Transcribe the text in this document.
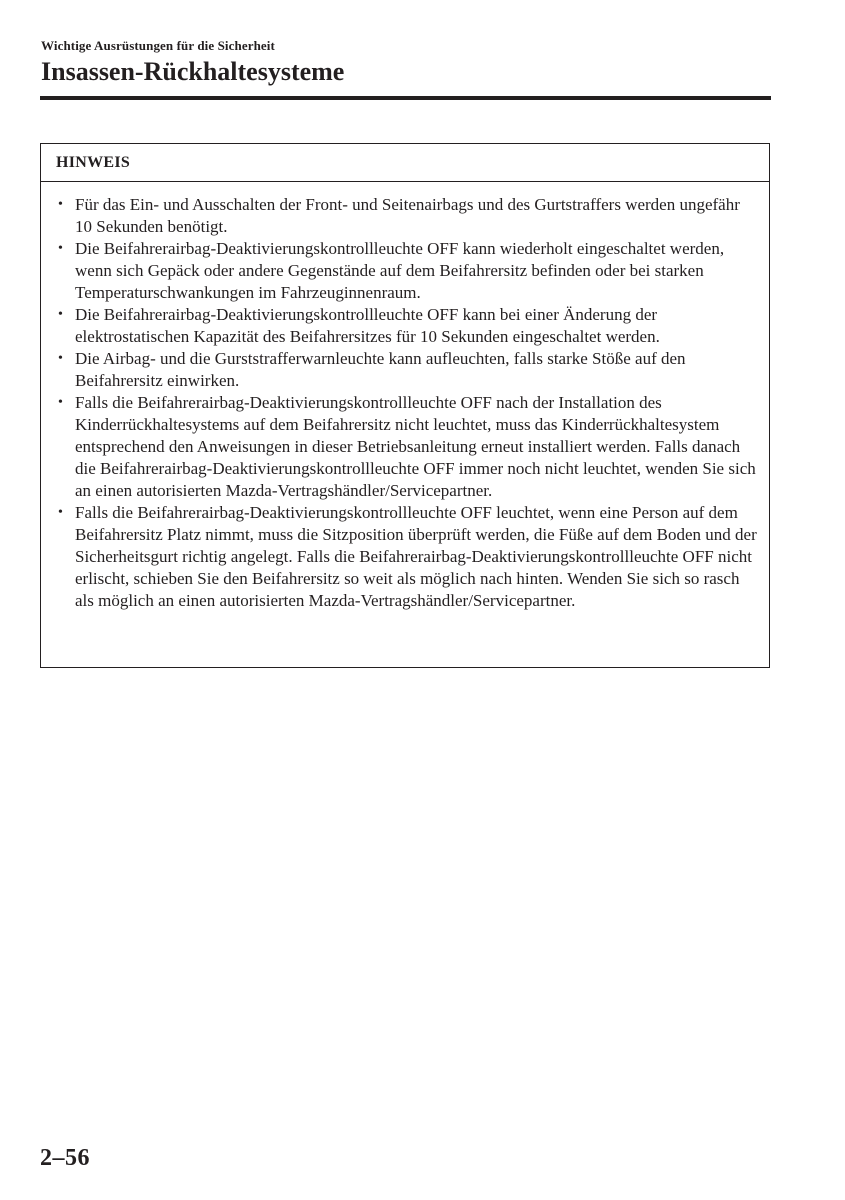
Wichtige Ausrüstungen für die Sicherheit
Insassen-Rückhaltesysteme
HINWEIS
• Für das Ein- und Ausschalten der Front- und Seitenairbags und des Gurtstraffers werden ungefähr 10 Sekunden benötigt.
• Die Beifahrerairbag-Deaktivierungskontrollleuchte OFF kann wiederholt eingeschaltet werden, wenn sich Gepäck oder andere Gegenstände auf dem Beifahrersitz befinden oder bei starken Temperaturschwankungen im Fahrzeuginnenraum.
• Die Beifahrerairbag-Deaktivierungskontrollleuchte OFF kann bei einer Änderung der elektrostatischen Kapazität des Beifahrersitzes für 10 Sekunden eingeschaltet werden.
• Die Airbag- und die Gurststrafferwarnleuchte kann aufleuchten, falls starke Stöße auf den Beifahrersitz einwirken.
• Falls die Beifahrerairbag-Deaktivierungskontrollleuchte OFF nach der Installation des Kinderrückhaltesystems auf dem Beifahrersitz nicht leuchtet, muss das Kinderrückhaltesystem entsprechend den Anweisungen in dieser Betriebsanleitung erneut installiert werden. Falls danach die Beifahrerairbag-Deaktivierungskontrollleuchte OFF immer noch nicht leuchtet, wenden Sie sich an einen autorisierten Mazda-Vertragshändler/Servicepartner.
• Falls die Beifahrerairbag-Deaktivierungskontrollleuchte OFF leuchtet, wenn eine Person auf dem Beifahrersitz Platz nimmt, muss die Sitzposition überprüft werden, die Füße auf dem Boden und der Sicherheitsgurt richtig angelegt. Falls die Beifahrerairbag-Deaktivierungskontrollleuchte OFF nicht erlischt, schieben Sie den Beifahrersitz so weit als möglich nach hinten. Wenden Sie sich so rasch als möglich an einen autorisierten Mazda-Vertragshändler/Servicepartner.
2–56
